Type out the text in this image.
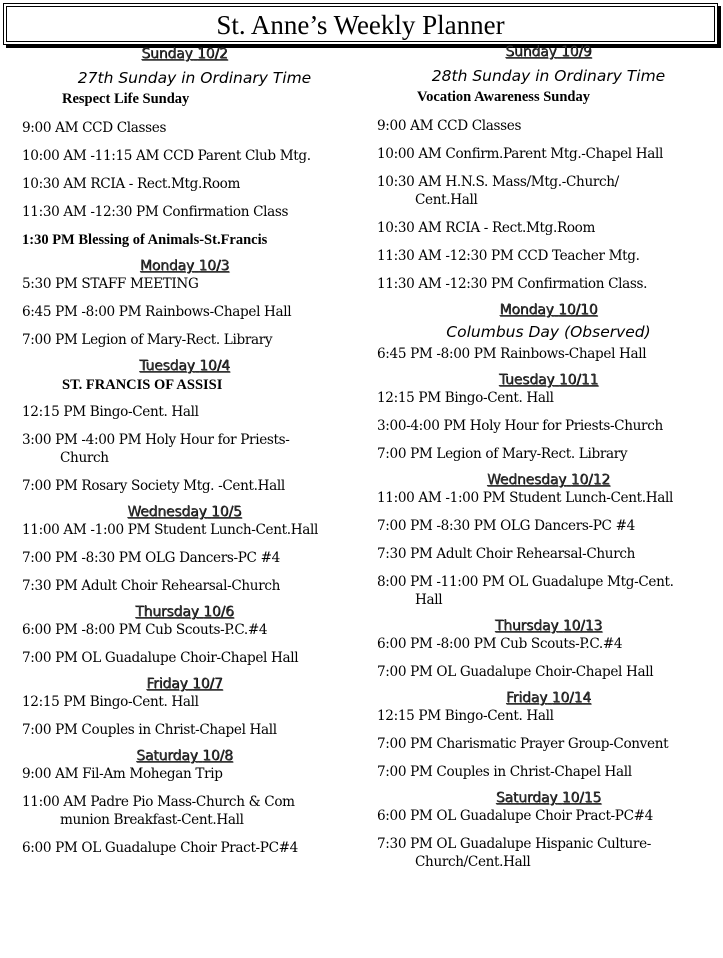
St. Anne’s Weekly Planner
Sunday 10/2
27th Sunday in Ordinary Time
Respect Life Sunday
9:00 AM CCD Classes
10:00 AM -11:15 AM CCD Parent Club Mtg.
10:30 AM RCIA - Rect.Mtg.Room
11:30 AM -12:30 PM Confirmation Class
1:30 PM Blessing of Animals-St.Francis
Monday 10/3
5:30 PM STAFF MEETING
6:45 PM -8:00 PM Rainbows-Chapel Hall
7:00 PM Legion of Mary-Rect. Library
Tuesday 10/4
ST. FRANCIS OF ASSISI
12:15 PM Bingo-Cent. Hall
3:00 PM -4:00 PM Holy Hour for Priests-
Church
7:00 PM Rosary Society Mtg. -Cent.Hall
Wednesday 10/5
11:00 AM -1:00 PM Student Lunch-Cent.Hall
7:00 PM -8:30 PM OLG Dancers-PC #4
7:30 PM Adult Choir Rehearsal-Church
Thursday 10/6
6:00 PM -8:00 PM Cub Scouts-P.C.#4
7:00 PM OL Guadalupe Choir-Chapel Hall
Friday 10/7
12:15 PM Bingo-Cent. Hall
7:00 PM Couples in Christ-Chapel Hall
Saturday 10/8
9:00 AM Fil-Am Mohegan Trip
11:00 AM Padre Pio Mass-Church & Com
munion Breakfast-Cent.Hall
6:00 PM OL Guadalupe Choir Pract-PC#4
Sunday 10/9
28th Sunday in Ordinary Time
Vocation Awareness Sunday
9:00 AM CCD Classes
10:00 AM Confirm.Parent Mtg.-Chapel Hall
10:30 AM H.N.S. Mass/Mtg.-Church/
Cent.Hall
10:30 AM RCIA - Rect.Mtg.Room
11:30 AM -12:30 PM CCD Teacher Mtg.
11:30 AM -12:30 PM Confirmation Class.
Monday 10/10
Columbus Day (Observed)
6:45 PM -8:00 PM Rainbows-Chapel Hall
Tuesday 10/11
12:15 PM Bingo-Cent. Hall
3:00-4:00 PM Holy Hour for Priests-Church
7:00 PM Legion of Mary-Rect. Library
Wednesday 10/12
11:00 AM -1:00 PM Student Lunch-Cent.Hall
7:00 PM -8:30 PM OLG Dancers-PC #4
7:30 PM Adult Choir Rehearsal-Church
8:00 PM -11:00 PM OL Guadalupe Mtg-Cent.
Hall
Thursday 10/13
6:00 PM -8:00 PM Cub Scouts-P.C.#4
7:00 PM OL Guadalupe Choir-Chapel Hall
Friday 10/14
12:15 PM Bingo-Cent. Hall
7:00 PM Charismatic Prayer Group-Convent
7:00 PM Couples in Christ-Chapel Hall
Saturday 10/15
6:00 PM OL Guadalupe Choir Pract-PC#4
7:30 PM OL Guadalupe Hispanic Culture-
Church/Cent.Hall
